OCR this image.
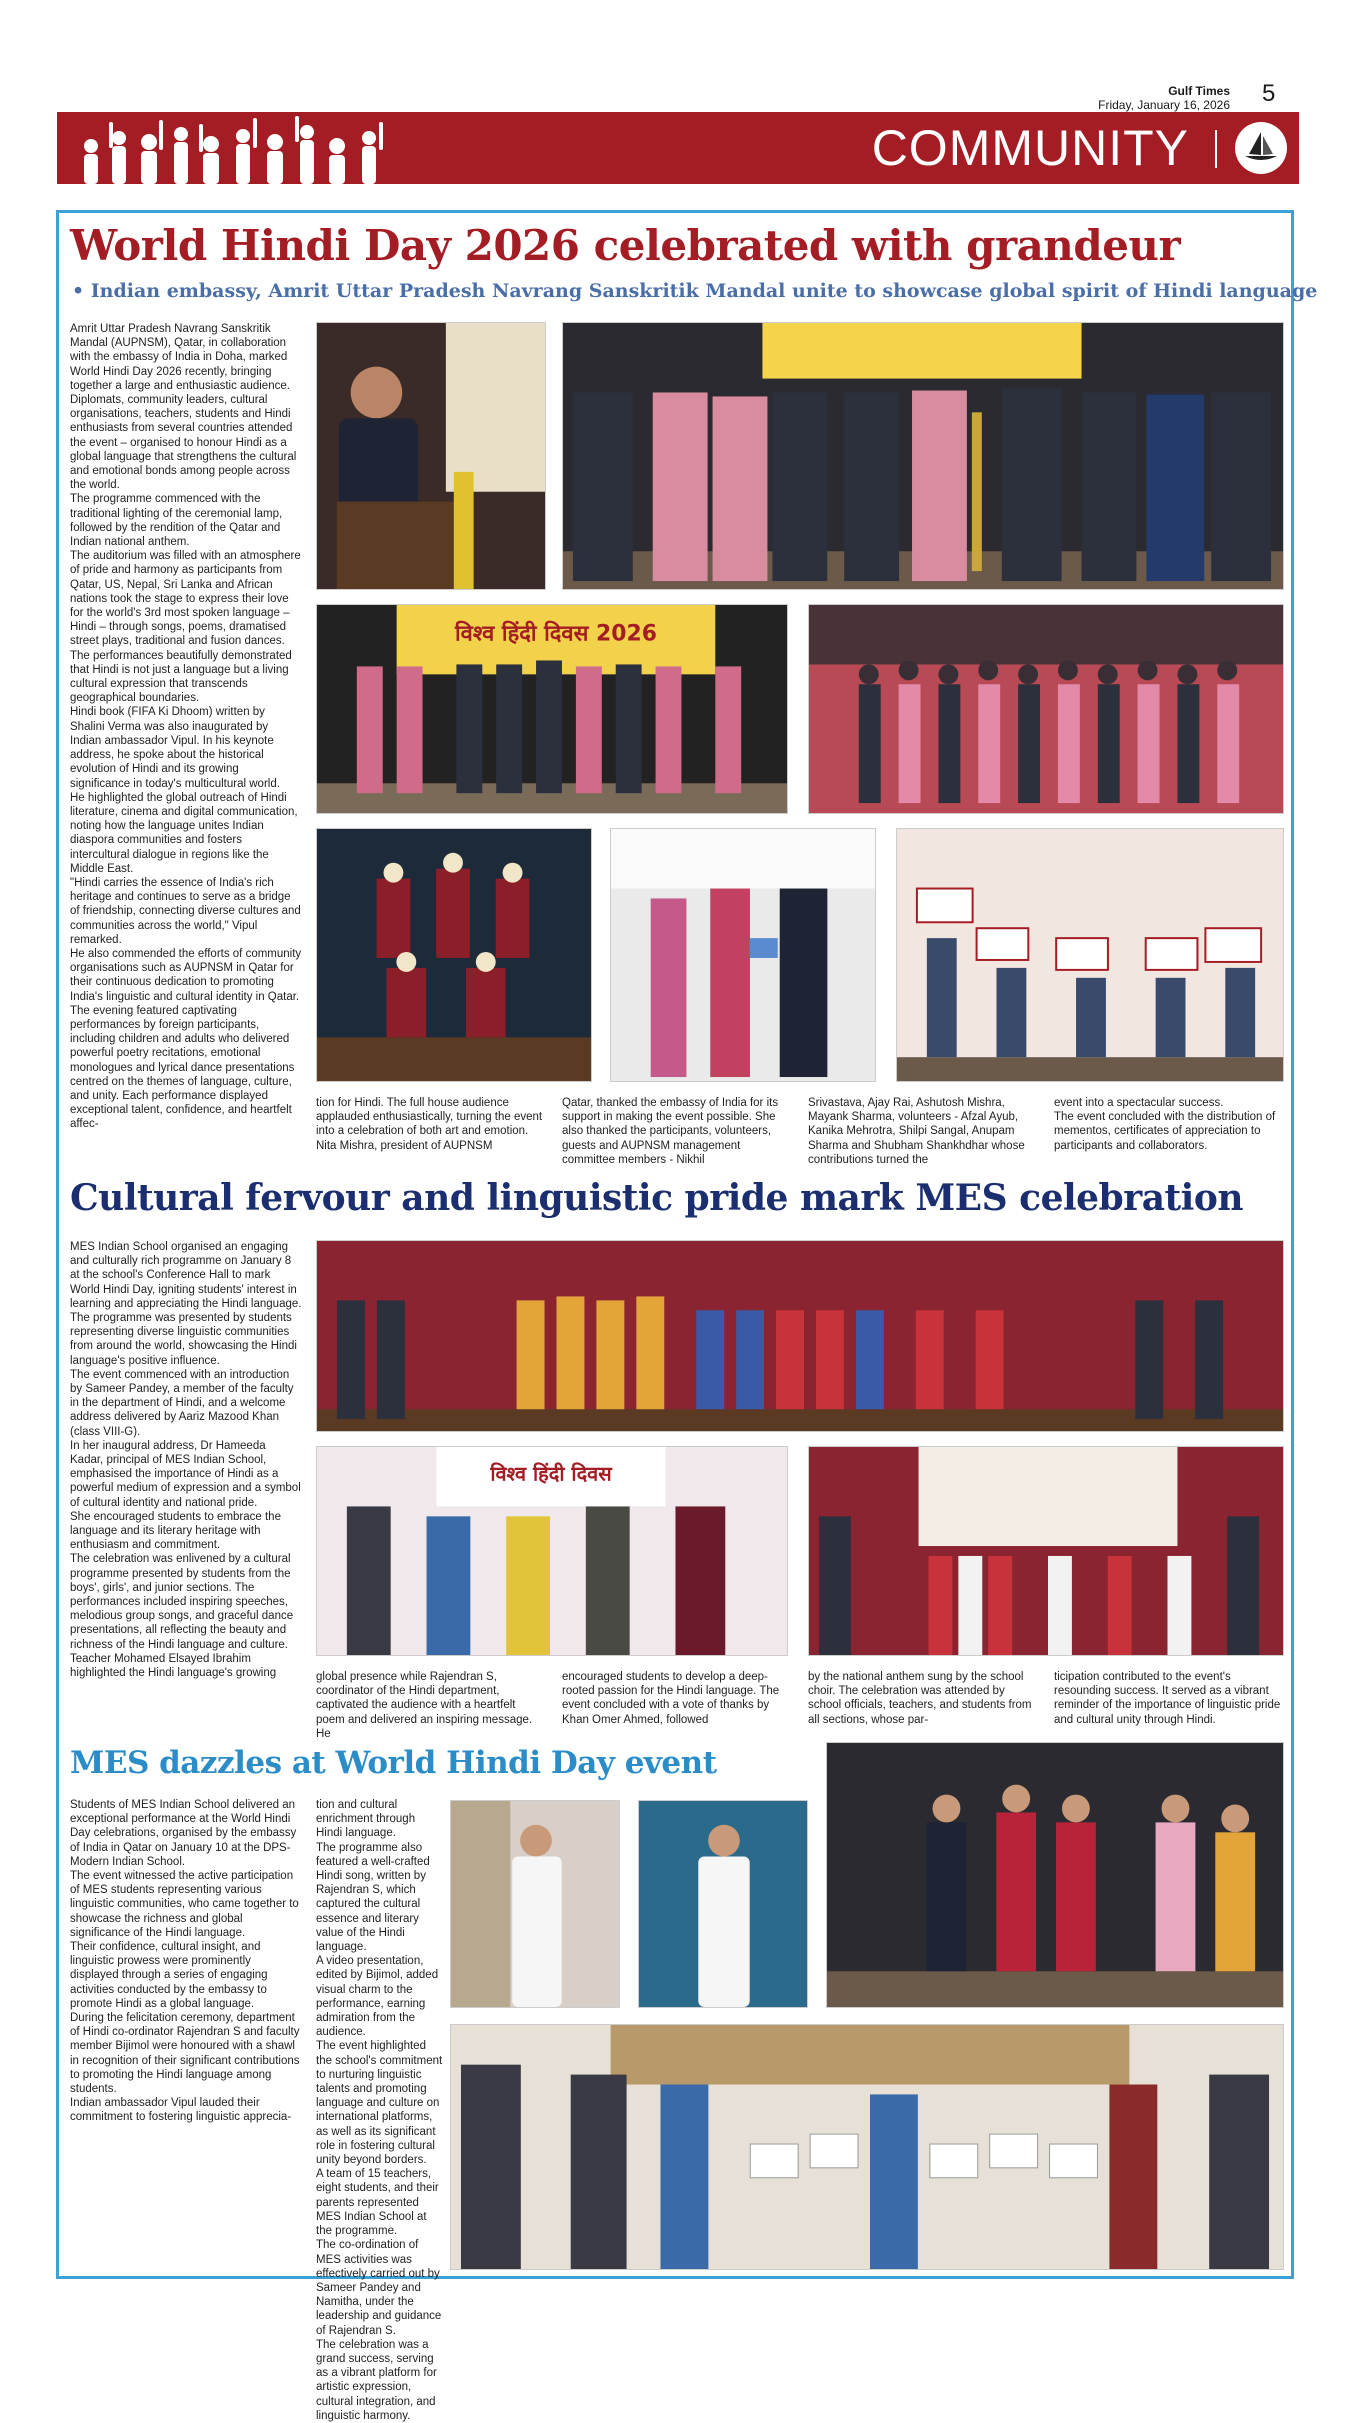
Gulf Times
Friday, January 16, 2026 5
COMMUNITY
World Hindi Day 2026 celebrated with grandeur
• Indian embassy, Amrit Uttar Pradesh Navrang Sanskritik Mandal unite to showcase global spirit of Hindi language

Amrit Uttar Pradesh Navrang Sanskritik Mandal (AUPNSM), Qatar, in collaboration with the embassy of India in Doha, marked World Hindi Day 2026 recently, bringing together a large and enthusiastic audience.

Diplomats, community leaders, cultural organisations, teachers, students and Hindi enthusiasts from several countries attended the event – organised to honour Hindi as a global language that strengthens the cultural and emotional bonds among people across the world.

The programme commenced with the traditional lighting of the ceremonial lamp, followed by the rendition of the Qatar and Indian national anthem.

The auditorium was filled with an atmosphere of pride and harmony as participants from Qatar, US, Nepal, Sri Lanka and African nations took the stage to express their love for the world's 3rd most spoken language – Hindi – through songs, poems, dramatised street plays, traditional and fusion dances.

The performances beautifully demonstrated that Hindi is not just a language but a living cultural expression that transcends geographical boundaries.

Hindi book (FIFA Ki Dhoom) written by Shalini Verma was also inaugurated by Indian ambassador Vipul. In his keynote address, he spoke about the historical evolution of Hindi and its growing significance in today's multicultural world.

He highlighted the global outreach of Hindi literature, cinema and digital communication, noting how the language unites Indian diaspora communities and fosters intercultural dialogue in regions like the Middle East.

"Hindi carries the essence of India's rich heritage and continues to serve as a bridge of friendship, connecting diverse cultures and communities across the world," Vipul remarked.

He also commended the efforts of community organisations such as AUPNSM in Qatar for their continuous dedication to promoting India's linguistic and cultural identity in Qatar.

The evening featured captivating performances by foreign participants, including children and adults who delivered powerful poetry recitations, emotional monologues and lyrical dance presentations centred on the themes of language, culture, and unity. Each performance displayed exceptional talent, confidence, and heartfelt affec-

विश्व हिंदी दिवस 2026

tion for Hindi. The full house audience applauded enthusiastically, turning the event into a celebration of both art and emotion.

Nita Mishra, president of AUPNSM

Qatar, thanked the embassy of India for its support in making the event possible. She also thanked the participants, volunteers, guests and AUPNSM management committee members - Nikhil
Srivastava, Ajay Rai, Ashutosh Mishra, Mayank Sharma, volunteers - Afzal Ayub, Kanika Mehrotra, Shilpi Sangal, Anupam Sharma and Shubham Shankhdhar whose contributions turned the

event into a spectacular success.

The event concluded with the distribution of mementos, certificates of appreciation to participants and collaborators.

Cultural fervour and linguistic pride mark MES celebration

MES Indian School organised an engaging and culturally rich programme on January 8 at the school's Conference Hall to mark World Hindi Day, igniting students' interest in learning and appreciating the Hindi language.

The programme was presented by students representing diverse linguistic communities from around the world, showcasing the Hindi language's positive influence.

The event commenced with an introduction by Sameer Pandey, a member of the faculty in the department of Hindi, and a welcome address delivered by Aariz Mazood Khan (class VIII-G).

In her inaugural address, Dr Hameeda Kadar, principal of MES Indian School, emphasised the importance of Hindi as a powerful medium of expression and a symbol of cultural identity and national pride.

She encouraged students to embrace the language and its literary heritage with enthusiasm and commitment.

The celebration was enlivened by a cultural programme presented by students from the boys', girls', and junior sections. The performances included inspiring speeches, melodious group songs, and graceful dance presentations, all reflecting the beauty and richness of the Hindi language and culture.

Teacher Mohamed Elsayed Ibrahim highlighted the Hindi language's growing

विश्व हिंदी दिवस
global presence while Rajendran S, coordinator of the Hindi department, captivated the audience with a heartfelt poem and delivered an inspiring message. He
encouraged students to develop a deep-rooted passion for the Hindi language. The event concluded with a vote of thanks by Khan Omer Ahmed, followed
by the national anthem sung by the school choir. The celebration was attended by school officials, teachers, and students from all sections, whose par-
ticipation contributed to the event's resounding success. It served as a vibrant reminder of the importance of linguistic pride and cultural unity through Hindi.
MES dazzles at World Hindi Day event

Students of MES Indian School delivered an exceptional performance at the World Hindi Day celebrations, organised by the embassy of India in Qatar on January 10 at the DPS-Modern Indian School.

The event witnessed the active participation of MES students representing various linguistic communities, who came together to showcase the richness and global significance of the Hindi language.

Their confidence, cultural insight, and linguistic prowess were prominently displayed through a series of engaging activities conducted by the embassy to promote Hindi as a global language.

During the felicitation ceremony, department of Hindi co-ordinator Rajendran S and faculty member Bijimol were honoured with a shawl in recognition of their significant contributions to promoting the Hindi language among students.

Indian ambassador Vipul lauded their commitment to fostering linguistic apprecia-

tion and cultural enrichment through Hindi language.

The programme also featured a well-crafted Hindi song, written by Rajendran S, which captured the cultural essence and literary value of the Hindi language.

A video presentation, edited by Bijimol, added visual charm to the performance, earning admiration from the audience.

The event highlighted the school's commitment to nurturing linguistic talents and promoting language and culture on international platforms, as well as its significant role in fostering cultural unity beyond borders.

A team of 15 teachers, eight students, and their parents represented MES Indian School at the programme.

The co-ordination of MES activities was effectively carried out by Sameer Pandey and Namitha, under the leadership and guidance of Rajendran S.

The celebration was a grand success, serving as a vibrant platform for artistic expression, cultural integration, and linguistic harmony.
